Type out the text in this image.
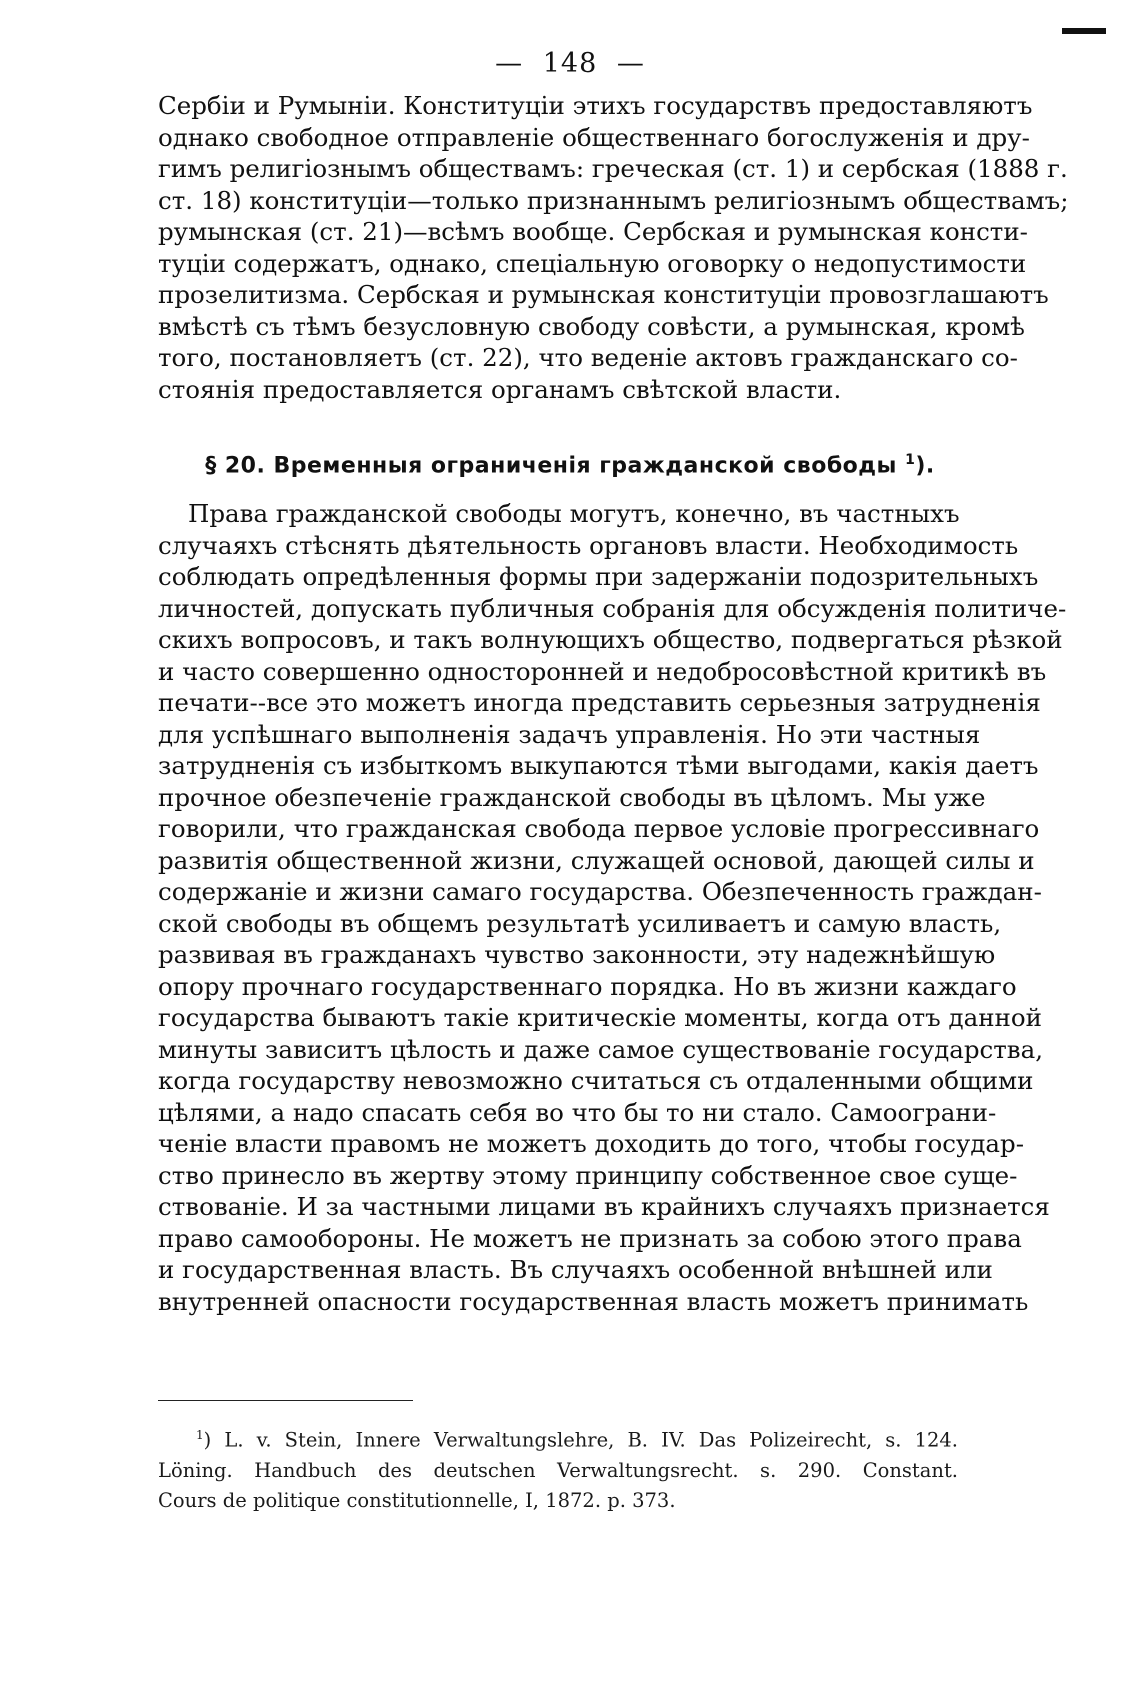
— 148 —
Сербіи и Румыніи. Конституціи этихъ государствъ предоставляютъ
однако свободное отправленіе общественнаго богослуженія и дру-
гимъ религіознымъ обществамъ: греческая (ст. 1) и сербская (1888 г.
ст. 18) конституціи—только признаннымъ религіознымъ обществамъ;
румынская (ст. 21)—всѣмъ вообще. Сербская и румынская консти-
туціи содержатъ, однако, спеціальную оговорку о недопустимости
прозелитизма. Сербская и румынская конституціи провозглашаютъ
вмѣстѣ съ тѣмъ безусловную свободу совѣсти, а румынская, кромѣ
того, постановляетъ (ст. 22), что веденіе актовъ гражданскаго со-
стоянія предоставляется органамъ свѣтской власти.
§ 20. Временныя ограниченія гражданской свободы $^1$).
Права гражданской свободы могутъ, конечно, въ частныхъ
случаяхъ стѣснять дѣятельность органовъ власти. Необходимость
соблюдать опредѣленныя формы при задержаніи подозрительныхъ
личностей, допускать публичныя собранія для обсужденія политиче-
скихъ вопросовъ, и такъ волнующихъ общество, подвергаться рѣзкой
и часто совершенно односторонней и недобросовѣстной критикѣ въ
печати--все это можетъ иногда представить серьезныя затрудненія
для успѣшнаго выполненія задачъ управленія. Но эти частныя
затрудненія съ избыткомъ выкупаются тѣми выгодами, какія даетъ
прочное обезпеченіе гражданской свободы въ цѣломъ. Мы уже
говорили, что гражданская свобода первое условіе прогрессивнаго
развитія общественной жизни, служащей основой, дающей силы и
содержаніе и жизни самаго государства. Обезпеченность граждан-
ской свободы въ общемъ результатѣ усиливаетъ и самую власть,
развивая въ гражданахъ чувство законности, эту надежнѣйшую
опору прочнаго государственнаго порядка. Но въ жизни каждаго
государства бываютъ такіе критическіе моменты, когда отъ данной
минуты зависитъ цѣлость и даже самое существованіе государства,
когда государству невозможно считаться съ отдаленными общими
цѣлями, а надо спасать себя во что бы то ни стало. Самоограни-
ченіе власти правомъ не можетъ доходить до того, чтобы государ-
ство принесло въ жертву этому принципу собственное свое суще-
ствованіе. И за частными лицами въ крайнихъ случаяхъ признается
право самообороны. Не можетъ не признать за собою этого права
и государственная власть. Въ случаяхъ особенной внѣшней или
внутренней опасности государственная власть можетъ принимать
$^1$) L. v. Stein, Innere Verwaltungslehre, B. IV. Das Polizeirecht, s. 124.
Löning. Handbuch des deutschen Verwaltungsrecht. s. 290. Constant.
Cours de politique constitutionnelle, I, 1872. p. 373.
